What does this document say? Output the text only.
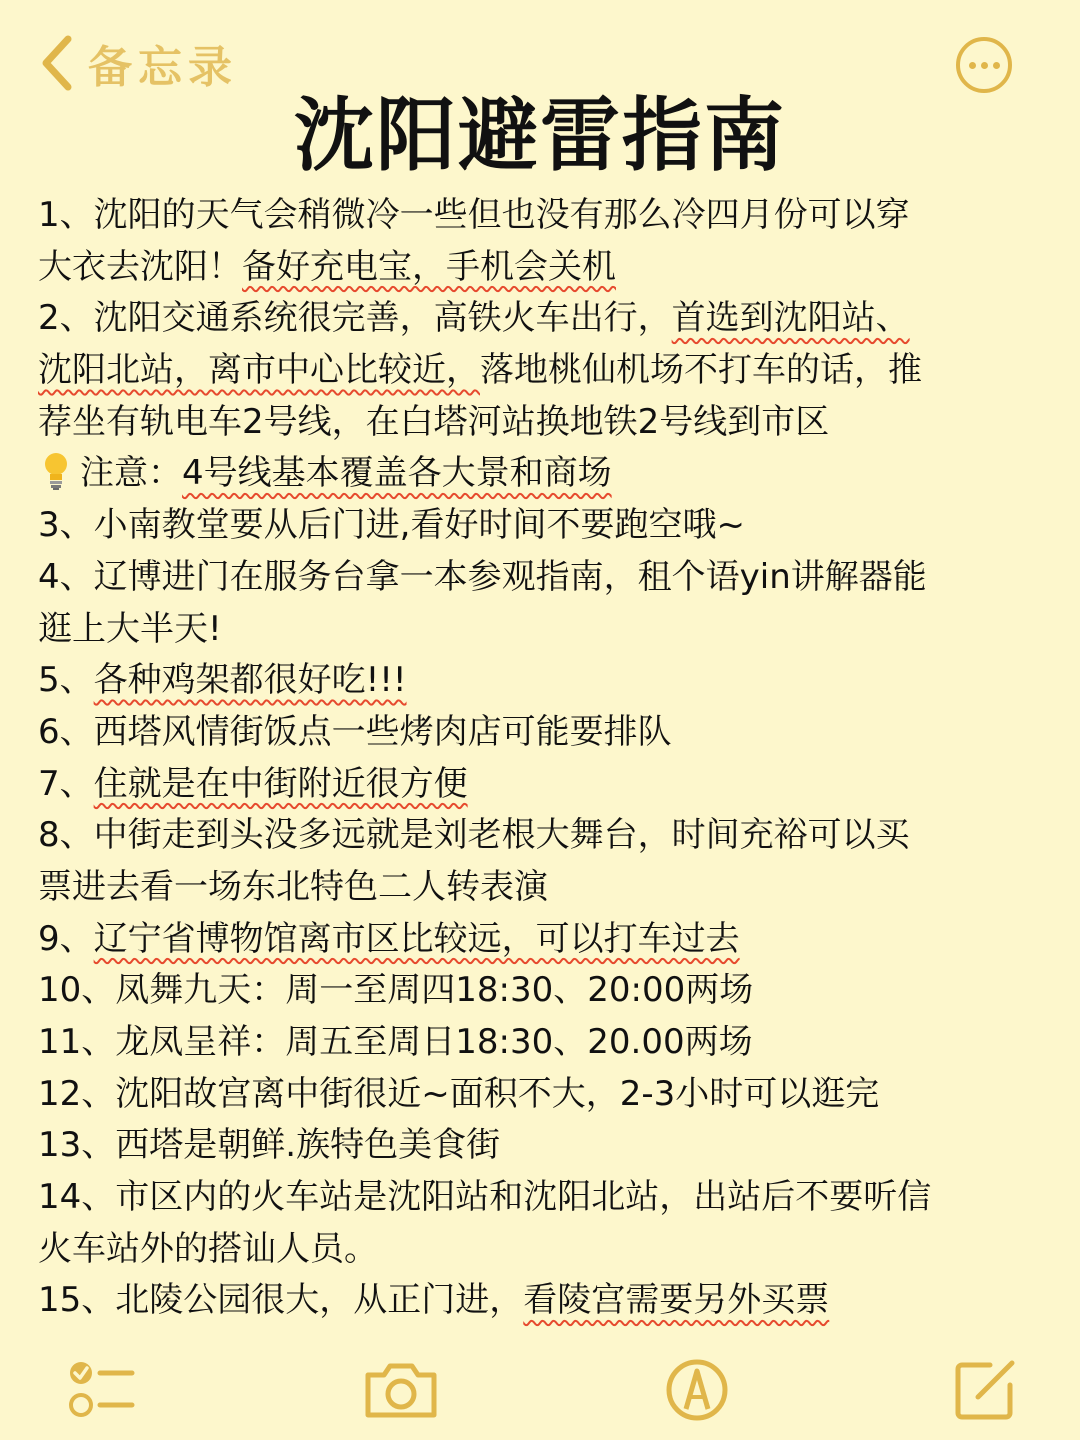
备忘录
沈阳避雷指南
1、沈阳的天气会稍微冷一些但也没有那么冷四月份可以穿
大衣去沈阳！备好充电宝，手机会关机
2、沈阳交通系统很完善，高铁火车出行，首选到沈阳站、
沈阳北站，离市中心比较近，落地桃仙机场不打车的话，推
荐坐有轨电车2号线，在白塔河站换地铁2号线到市区
注意：4号线基本覆盖各大景和商场
3、小南教堂要从后门进,看好时间不要跑空哦~
4、辽博进门在服务台拿一本参观指南，租个语yin讲解器能
逛上大半天!
5、各种鸡架都很好吃!!!
6、西塔风情街饭点一些烤肉店可能要排队
7、住就是在中街附近很方便
8、中街走到头没多远就是刘老根大舞台，时间充裕可以买
票进去看一场东北特色二人转表演
9、辽宁省博物馆离市区比较远，可以打车过去
10、凤舞九天：周一至周四18:30、20:00两场
11、龙凤呈祥：周五至周日18:30、20.00两场
12、沈阳故宫离中街很近~面积不大，2-3小时可以逛完
13、西塔是朝鲜.族特色美食街
14、市区内的火车站是沈阳站和沈阳北站，出站后不要听信
火车站外的搭讪人员。
15、北陵公园很大，从正门进，看陵宫需要另外买票
